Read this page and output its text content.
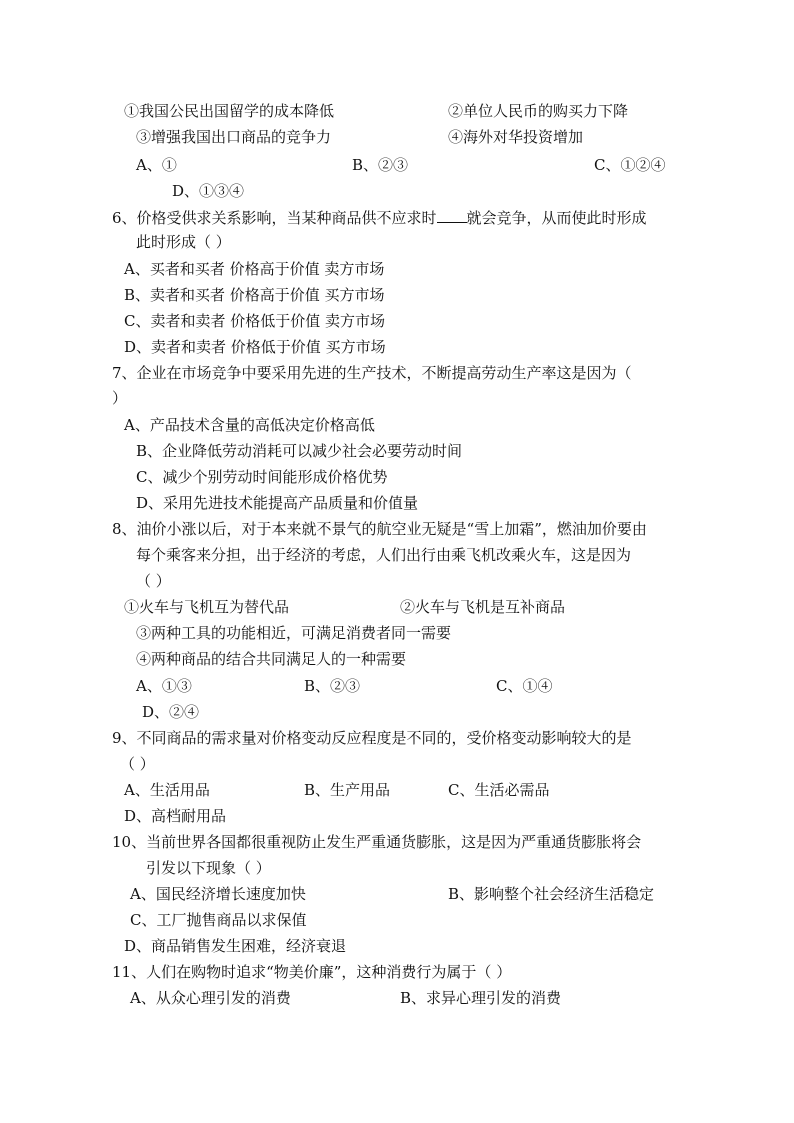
①我国公民出国留学的成本降低	②单位人民币的购买力下降
③增强我国出口商品的竞争力	④海外对华投资增加
A、①	B、②③	C、①②④
D、①③④
6、价格受供求关系影响，当某种商品供不应求时 就会竞争，从而使此时形成
此时形成（ ）
A、买者和买者 价格高于价值 卖方市场
B、卖者和买者 价格高于价值 买方市场
C、卖者和卖者 价格低于价值 卖方市场
D、卖者和卖者 价格低于价值 买方市场
7、企业在市场竞争中要采用先进的生产技术，不断提高劳动生产率这是因为（
）
A、产品技术含量的高低决定价格高低
B、企业降低劳动消耗可以减少社会必要劳动时间
C、减少个别劳动时间能形成价格优势
D、采用先进技术能提高产品质量和价值量
8、油价小涨以后，对于本来就不景气的航空业无疑是“雪上加霜”，燃油加价要由
每个乘客来分担，出于经济的考虑，人们出行由乘飞机改乘火车，这是因为
（ ）
①火车与飞机互为替代品	②火车与飞机是互补商品
③两种工具的功能相近，可满足消费者同一需要
④两种商品的结合共同满足人的一种需要
A、①③	B、②③	C、①④
D、②④
9、不同商品的需求量对价格变动反应程度是不同的，受价格变动影响较大的是
（ ）
A、生活用品	B、生产用品	C、生活必需品
D、高档耐用品
10、当前世界各国都很重视防止发生严重通货膨胀，这是因为严重通货膨胀将会
引发以下现象（ ）
A、国民经济增长速度加快	B、影响整个社会经济生活稳定
C、工厂抛售商品以求保值
D、商品销售发生困难，经济衰退
11、人们在购物时追求“物美价廉”，这种消费行为属于（ ）
A、从众心理引发的消费	B、求异心理引发的消费
